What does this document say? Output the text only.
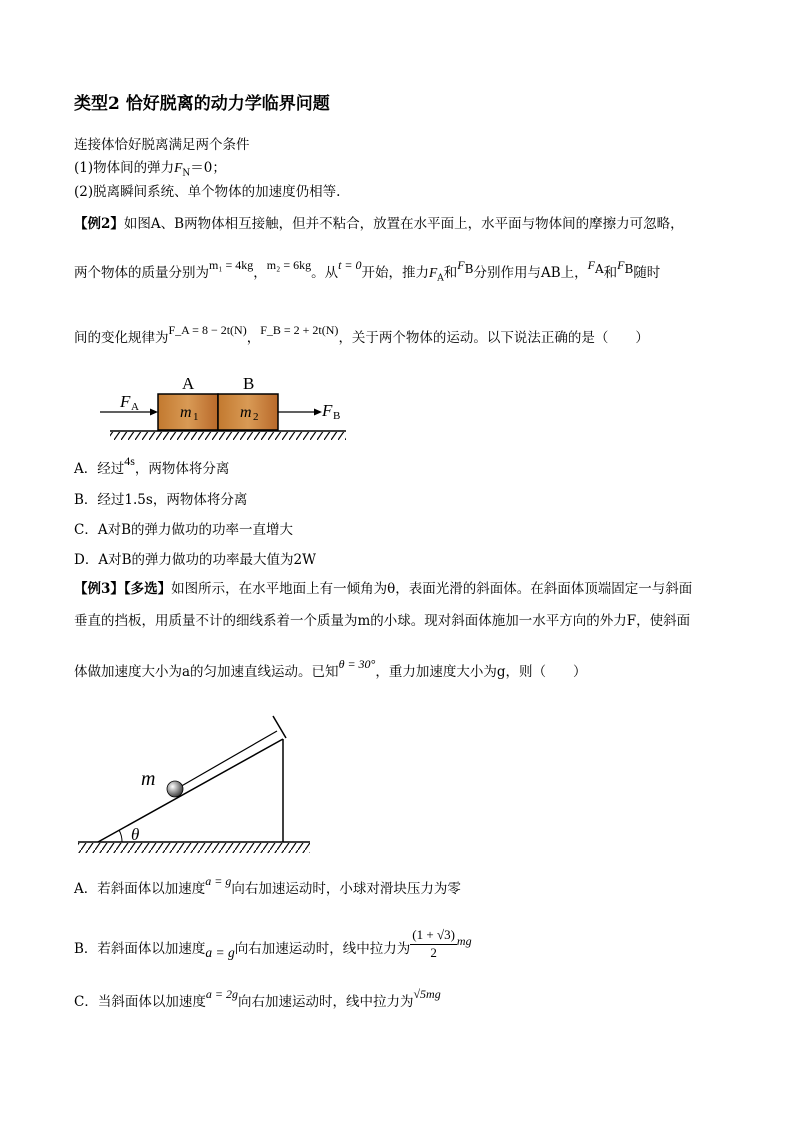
类型2 恰好脱离的动力学临界问题
连接体恰好脱离满足两个条件
(1)物体间的弹力$F_N=0$；
(2)脱离瞬间系统、单个物体的加速度仍相等.
【例2】如图A、B两物体相互接触，但并不粘合，放置在水平面上，水平面与物体间的摩擦力可忽略，
两个物体的质量分别为m₁ = 4kg，m₂ = 6kg。从t = 0开始，推力$F_A$和$F_B$分别作用与AB上，$F_A$和$F_B$随时
间的变化规律为F_A = 8 − 2t(N)，F_B = 2 + 2t(N)，关于两个物体的运动。以下说法正确的是（　　）
A	B
F A	F B
m 1	m 2
A．经过4s，两物体将分离
B．经过1.5s，两物体将分离
C．A对B的弹力做功的功率一直增大
D．A对B的弹力做功的功率最大值为2W
【例3】【多选】如图所示，在水平地面上有一倾角为θ，表面光滑的斜面体。在斜面体顶端固定一与斜面
垂直的挡板，用质量不计的细线系着一个质量为m的小球。现对斜面体施加一水平方向的外力F，使斜面
体做加速度大小为a的匀加速直线运动。已知θ = 30°，重力加速度大小为g，则（　　）
m
θ
A．若斜面体以加速度a = g向右加速运动时，小球对滑块压力为零
B．若斜面体以加速度a = g向右加速运动时，线中拉力为 $\frac{(1 + √3)}{2}$ mg
C．当斜面体以加速度a = 2g向右加速运动时，线中拉力为√5mg
